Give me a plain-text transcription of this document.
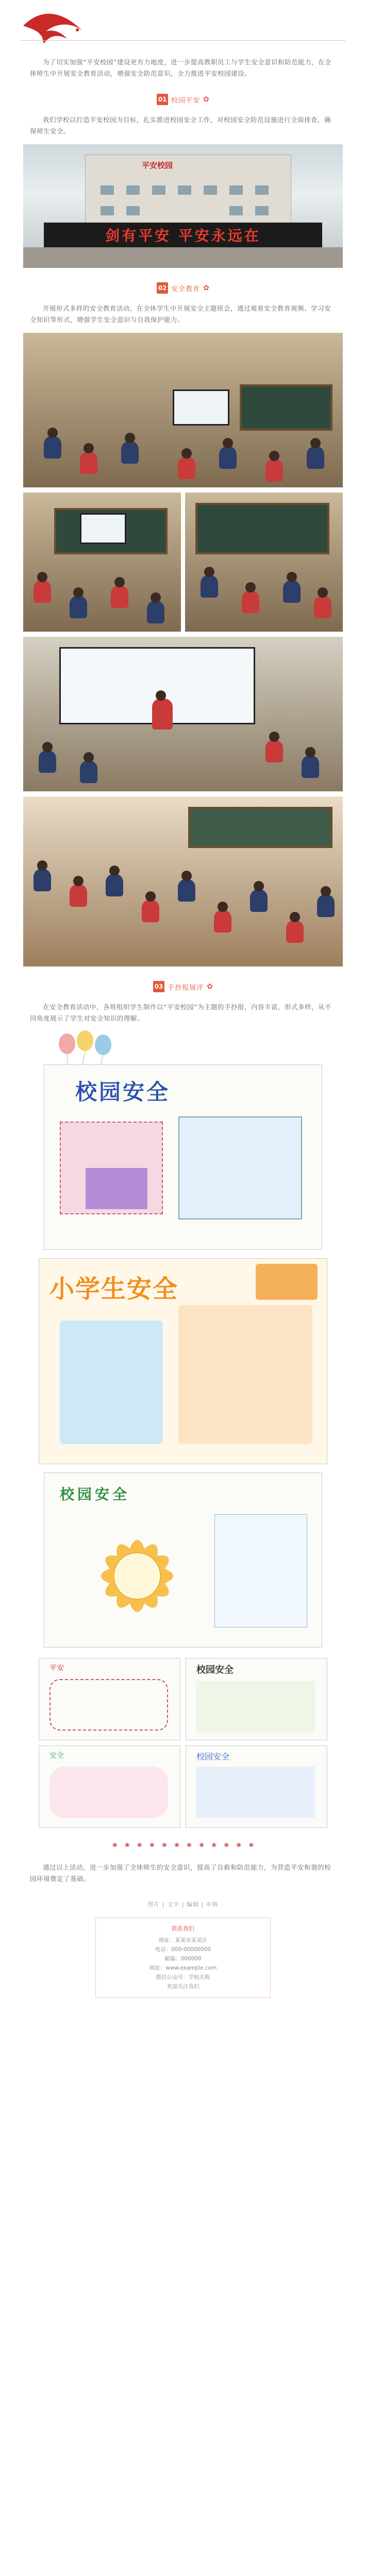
为了切实加强“平安校园”建设更有力地度，进一步提高教职员工与学生安全意识和防范能力，在全体师生中开展安全教育活动，增强安全防范意识，全力推进平安校园建设。

01 校园平安 ✿

我们学校以打造平安校园为目标，扎实推进校园安全工作，对校园安全防范设施进行全面排查，确保师生安全。

平安校园
剑有平安 平安永远在
02 安全教育 ✿

开展形式多样的安全教育活动，在全体学生中开展安全主题班会，通过观看安全教育视频、学习安全知识等形式，增强学生安全意识与自我保护能力。

03 手抄报展评 ✿

在安全教育活动中，各班组织学生制作以“平安校园”为主题的手抄报，内容丰富，形式多样，从不同角度展示了学生对安全知识的理解。

校园安全
小学生安全
校园安全
平安	校园安全
安全	校园安全
❀ ❀ ❀ ❀ ❀ ❀ ❀ ❀ ❀ ❀ ❀ ❀

通过以上活动，进一步加强了全体师生的安全意识，提高了自救和防范能力，为营造平安和谐的校园环境奠定了基础。

图片 | 文字 | 编辑 | 审核
联系我们
地址：某某市某某区
电话：000-00000000
邮编：000000
网址：www.example.com
微信公众号：学校名称
欢迎关注我们
